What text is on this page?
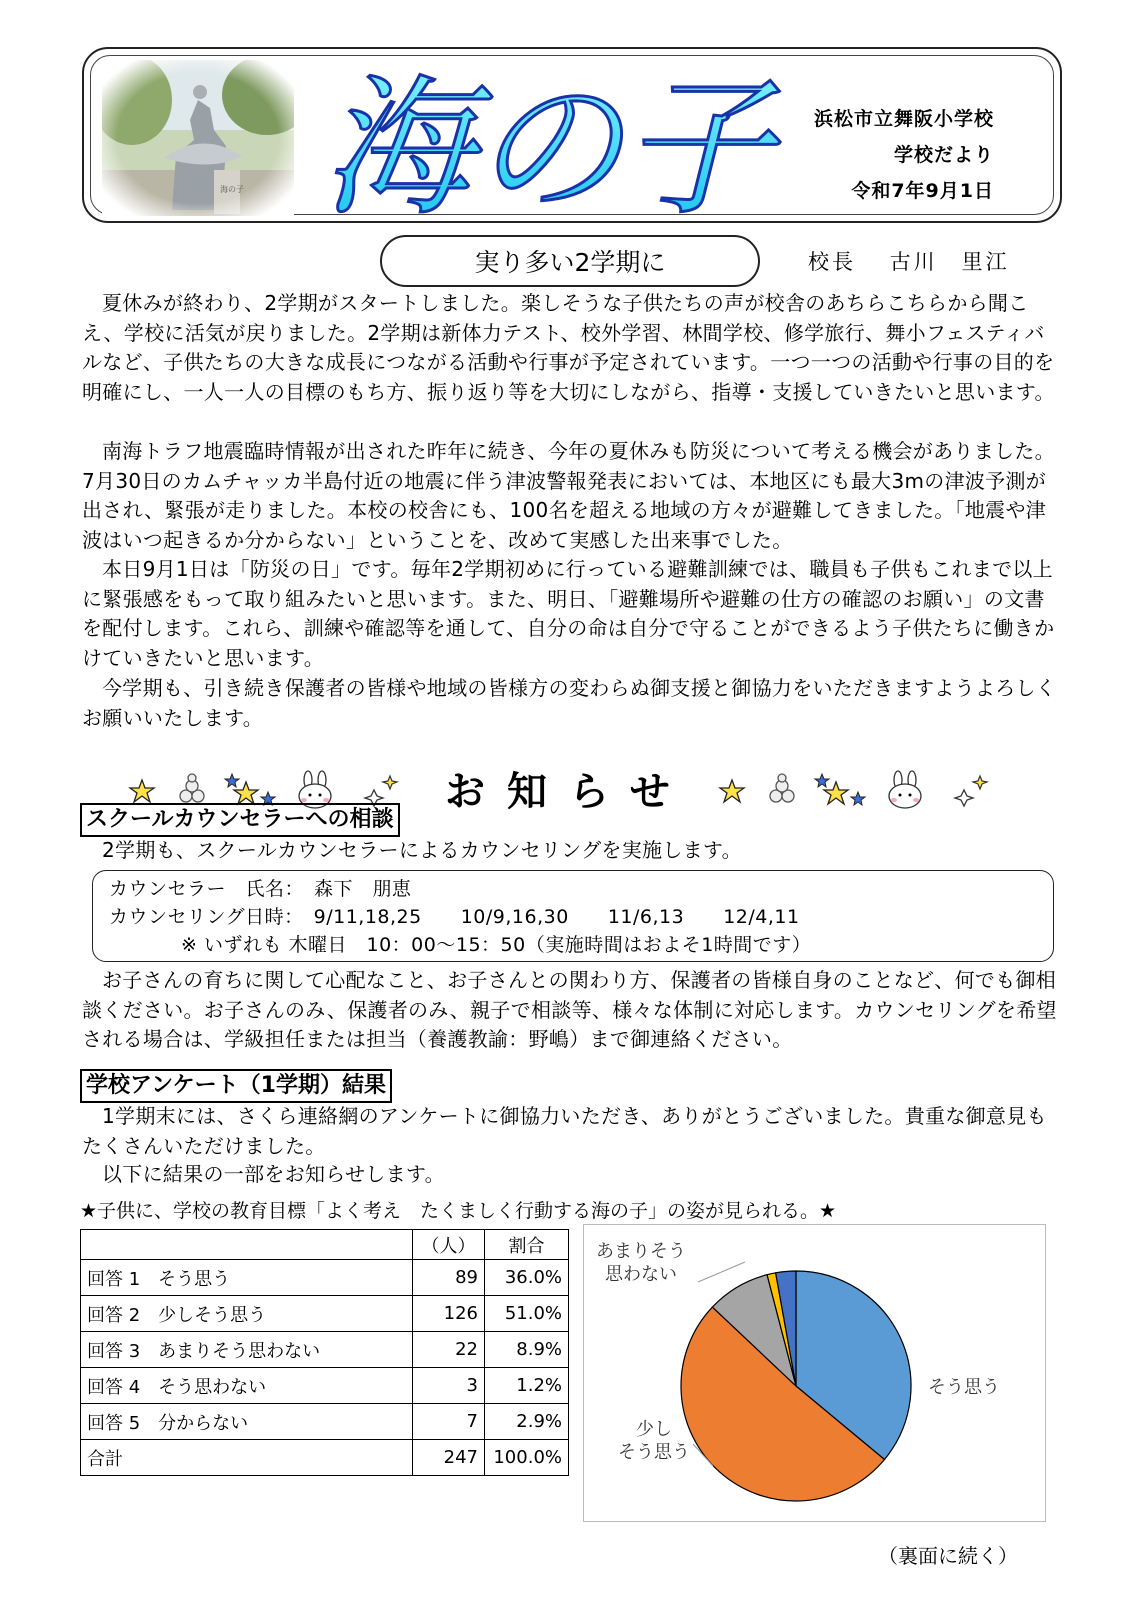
海の子	浜松市立舞阪小学校
学校だより
令和7年9月1日
実り多い2学期に	校長　 古川　里江

夏休みが終わり、2学期がスタートしました。楽しそうな子供たちの声が校舎のあちらこちらから聞こえ、学校に活気が戻りました。2学期は新体力テスト、校外学習、林間学校、修学旅行、舞小フェスティバルなど、子供たちの大きな成長につながる活動や行事が予定されています。一つ一つの活動や行事の目的を明確にし、一人一人の目標のもち方、振り返り等を大切にしながら、指導・支援していきたいと思います。

南海トラフ地震臨時情報が出された昨年に続き、今年の夏休みも防災について考える機会がありました。7月30日のカムチャッカ半島付近の地震に伴う津波警報発表においては、本地区にも最大3mの津波予測が出され、緊張が走りました。本校の校舎にも、100名を超える地域の方々が避難してきました。「地震や津波はいつ起きるか分からない」ということを、改めて実感した出来事でした。

本日9月1日は「防災の日」です。毎年2学期初めに行っている避難訓練では、職員も子供もこれまで以上に緊張感をもって取り組みたいと思います。また、明日、「避難場所や避難の仕方の確認のお願い」の文書を配付します。これら、訓練や確認等を通して、自分の命は自分で守ることができるよう子供たちに働きかけていきたいと思います。

今学期も、引き続き保護者の皆様や地域の皆様方の変わらぬ御支援と御協力をいただきますようよろしくお願いいたします。

お知らせ
スクールカウンセラーへの相談

2学期も、スクールカウンセラーによるカウンセリングを実施します。

カウンセラー　氏名：　森下　朋恵
カウンセリング日時：　9/11,18,25　　10/9,16,30　　11/6,13　　12/4,11
※ いずれも 木曜日　10：00～15：50（実施時間はおよそ1時間です）

お子さんの育ちに関して心配なこと、お子さんとの関わり方、保護者の皆様自身のことなど、何でも御相談ください。お子さんのみ、保護者のみ、親子で相談等、様々な体制に対応します。カウンセリングを希望される場合は、学級担任または担当（養護教諭：野嶋）まで御連絡ください。

学校アンケート（1学期）結果

1学期末には、さくら連絡網のアンケートに御協力いただき、ありがとうございました。貴重な御意見もたくさんいただけました。

以下に結果の一部をお知らせします。

★子供に、学校の教育目標「よく考え　たくましく行動する海の子」の姿が見られる。★
	（人）	割合
回答 1　そう思う	89	36.0%
回答 2　少しそう思う	126	51.0%
回答 3　あまりそう思わない	22	8.9%
回答 4　そう思わない	3	1.2%
回答 5　分からない	7	2.9%
合計	247	100.0%
そう思う
少し
そう思う
あまりそう
思わない
（裏面に続く）
